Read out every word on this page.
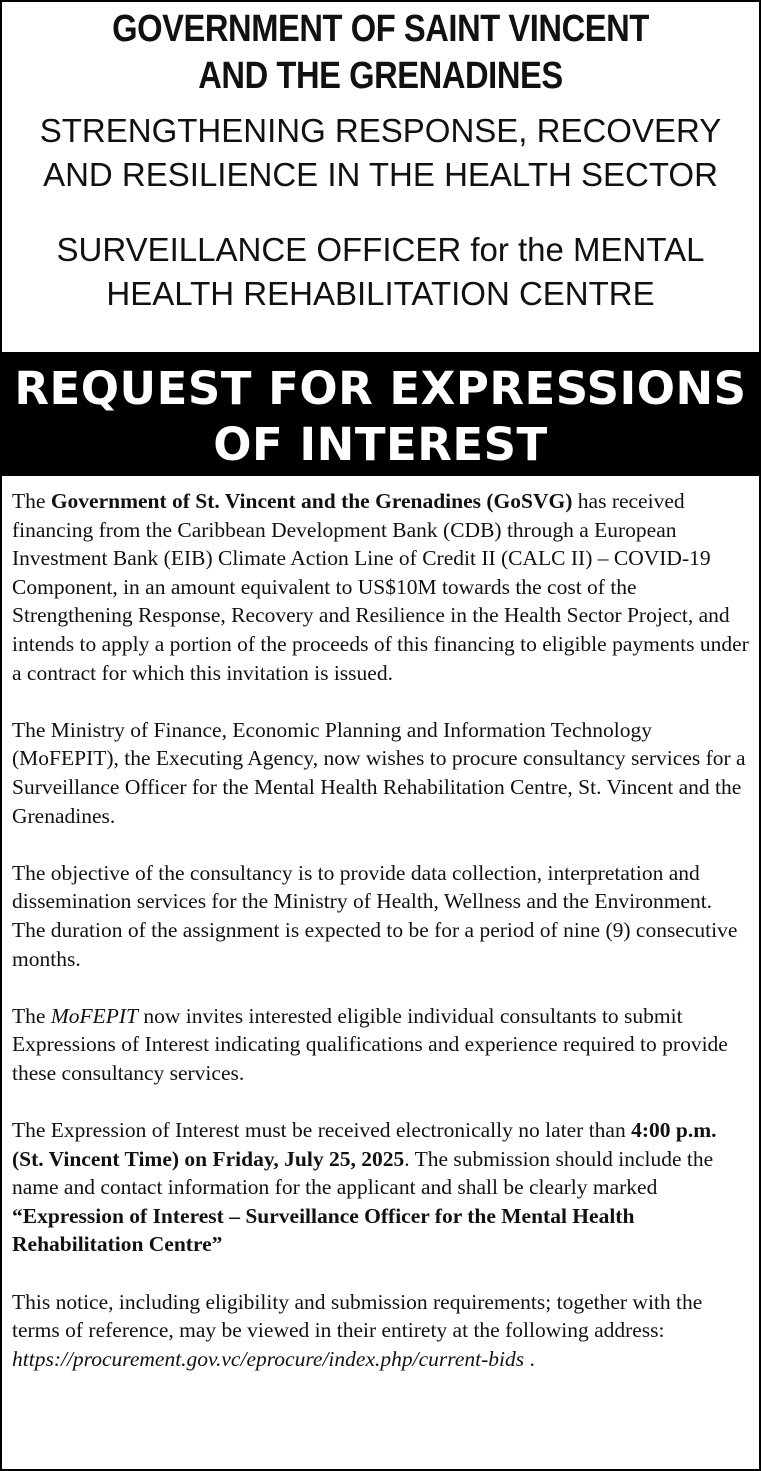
GOVERNMENT OF SAINT VINCENT
AND THE GRENADINES
STRENGTHENING RESPONSE, RECOVERY
AND RESILIENCE IN THE HEALTH SECTOR
SURVEILLANCE OFFICER for the MENTAL
HEALTH REHABILITATION CENTRE
REQUEST FOR EXPRESSIONS
OF INTEREST

The Government of St. Vincent and the Grenadines (GoSVG) has received financing from the Caribbean Development Bank (CDB) through a European Investment Bank (EIB) Climate Action Line of Credit II (CALC II) – COVID-19 Component, in an amount equivalent to US$10M towards the cost of the Strengthening Response, Recovery and Resilience in the Health Sector Project, and intends to apply a portion of the proceeds of this financing to eligible payments under a contract for which this invitation is issued.

The Ministry of Finance, Economic Planning and Information Technology (MoFEPIT), the Executing Agency, now wishes to procure consultancy services for a Surveillance Officer for the Mental Health Rehabilitation Centre, St. Vincent and the Grenadines.

The objective of the consultancy is to provide data collection, interpretation and dissemination services for the Ministry of Health, Wellness and the Environment. The duration of the assignment is expected to be for a period of nine (9) consecutive months.

The MoFEPIT now invites interested eligible individual consultants to submit Expressions of Interest indicating qualifications and experience required to provide these consultancy services.

The Expression of Interest must be received electronically no later than 4:00 p.m. (St. Vincent Time) on Friday, July 25, 2025. The submission should include the name and contact information for the applicant and shall be clearly marked “Expression of Interest – Surveillance Officer for the Mental Health Rehabilitation Centre”

This notice, including eligibility and submission requirements; together with the terms of reference, may be viewed in their entirety at the following address: https://procurement.gov.vc/eprocure/index.php/current-bids .
